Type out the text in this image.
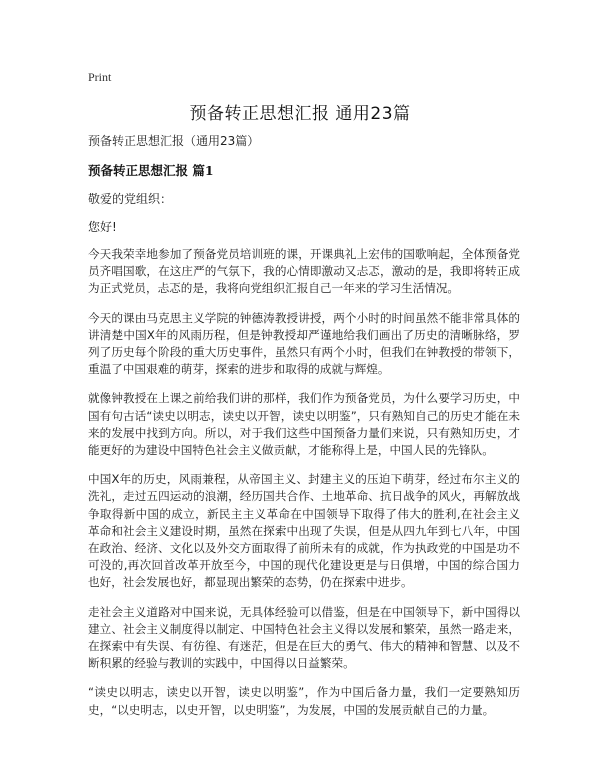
Print
预备转正思想汇报 通用23篇

预备转正思想汇报（通用23篇）

预备转正思想汇报 篇1

敬爱的党组织：

您好!

今天我荣幸地参加了预备党员培训班的课，开课典礼上宏伟的国歌响起，全体预备党员齐唱国歌，在这庄严的气氛下，我的心情即激动又忐忑，激动的是，我即将转正成为正式党员，忐忑的是，我将向党组织汇报自己一年来的学习生活情况。

今天的课由马克思主义学院的钟德涛教授讲授，两个小时的时间虽然不能非常具体的讲清楚中国X年的风雨历程，但是钟教授却严谨地给我们画出了历史的清晰脉络，罗列了历史每个阶段的重大历史事件，虽然只有两个小时，但我们在钟教授的带领下，重温了中国艰难的萌芽，探索的进步和取得的成就与辉煌。

就像钟教授在上课之前给我们讲的那样，我们作为预备党员，为什么要学习历史，中国有句古话“读史以明志，读史以开智，读史以明鉴”，只有熟知自己的历史才能在未来的发展中找到方向。所以，对于我们这些中国预备力量们来说，只有熟知历史，才能更好的为建设中国特色社会主义做贡献，才能称得上是，中国人民的先锋队。

中国X年的历史，风雨兼程，从帝国主义、封建主义的压迫下萌芽，经过布尔主义的洗礼，走过五四运动的浪潮，经历国共合作、土地革命、抗日战争的风火，再解放战争取得新中国的成立，新民主主义革命在中国领导下取得了伟大的胜利,在社会主义革命和社会主义建设时期，虽然在探索中出现了失误，但是从四九年到七八年，中国在政治、经济、文化以及外交方面取得了前所未有的成就，作为执政党的中国是功不可没的,再次回首改革开放至今，中国的现代化建设更是与日俱增，中国的综合国力也好，社会发展也好，都显现出繁荣的态势，仍在探索中进步。

走社会主义道路对中国来说，无具体经验可以借鉴，但是在中国领导下，新中国得以建立、社会主义制度得以制定、中国特色社会主义得以发展和繁荣，虽然一路走来，在探索中有失误、有彷徨、有迷茫，但是在巨大的勇气、伟大的精神和智慧、以及不断积累的经验与教训的实践中，中国得以日益繁荣。

“读史以明志，读史以开智，读史以明鉴”，作为中国后备力量，我们一定要熟知历史，“以史明志，以史开智，以史明鉴”，为发展，中国的发展贡献自己的力量。
